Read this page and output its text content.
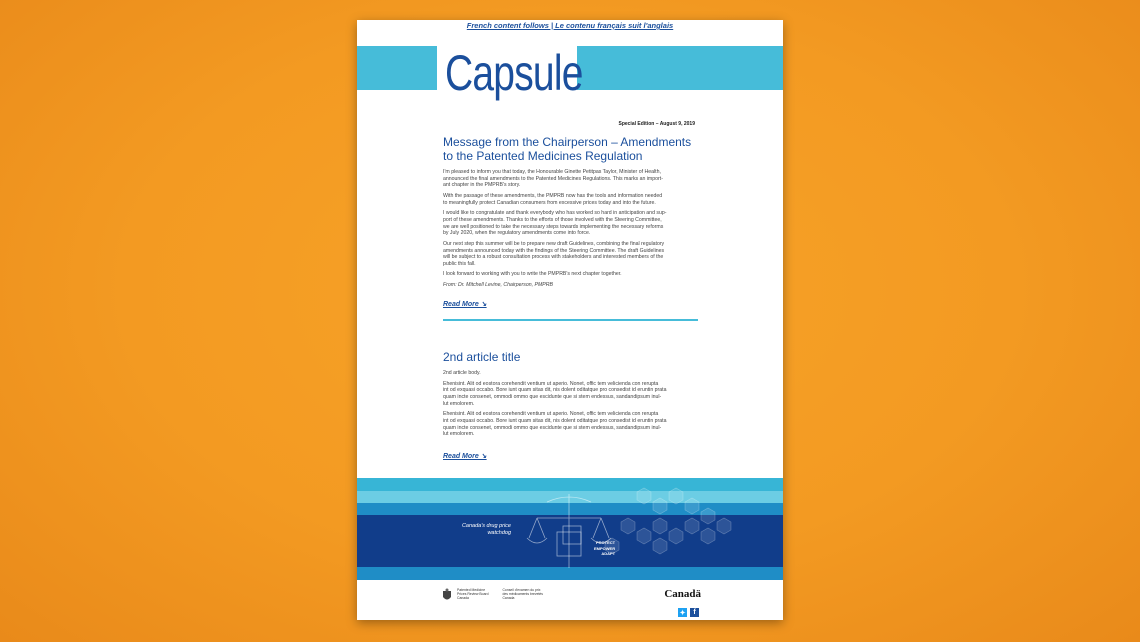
French content follows | Le contenu français suit l'anglais
Capsule
Special Edition – August 9, 2019
Message from the Chairperson – Amendments
to the Patented Medicines Regulation

I'm pleased to inform you that today, the Honourable Ginette Petitpas Taylor, Minister of Health,
announced the final amendments to the Patented Medicines Regulations. This marks an import-
ant chapter in the PMPRB's story.

With the passage of these amendments, the PMPRB now has the tools and information needed
to meaningfully protect Canadian consumers from excessive prices today and into the future.

I would like to congratulate and thank everybody who has worked so hard in anticipation and sup-
port of these amendments. Thanks to the efforts of those involved with the Steering Committee,
we are well positioned to take the necessary steps towards implementing the necessary reforms
by July 2020, when the regulatory amendments come into force.

Our next step this summer will be to prepare new draft Guidelines, combining the final regulatory
amendments announced today with the findings of the Steering Committee. The draft Guidelines
will be subject to a robust consultation process with stakeholders and interested members of the
public this fall.

I look forward to working with you to write the PMPRB's next chapter together.

From: Dr. Mitchell Levine, Chairperson, PMPRB
Read More ↘
2nd article title

2nd article body.

Ehenisint. Alit od eostora corehendit ventium ut aperio. Nonet, offic tem velicienda con rerupta
int od exquasi occabo. Bore iunt quam sitas dit, nis dolent oditatque pro consedist id eruntin prata
quam incte consenet, ommodi ommo que escidunte que si stem endessus, sandandipsum inul-
lut emolorem.

Ehenisint. Alit od eostora corehendit ventium ut aperio. Nonet, offic tem velicienda con rerupta
int od exquasi occabo. Bore iunt quam sitas dit, nis dolent oditatque pro consedist id eruntin prata
quam incte consenet, ommodi ommo que escidunte que si stem endessus, sandandipsum inul-
lut emolorem.

Read More ↘
Canada's drug price
watchdog
PROTECT
EMPOWER
ADAPT
Patented Medicine
Prices Review Board
Canada
Conseil d'examen du prix
des médicaments brevetés
Canada	Canadä
✦	f
